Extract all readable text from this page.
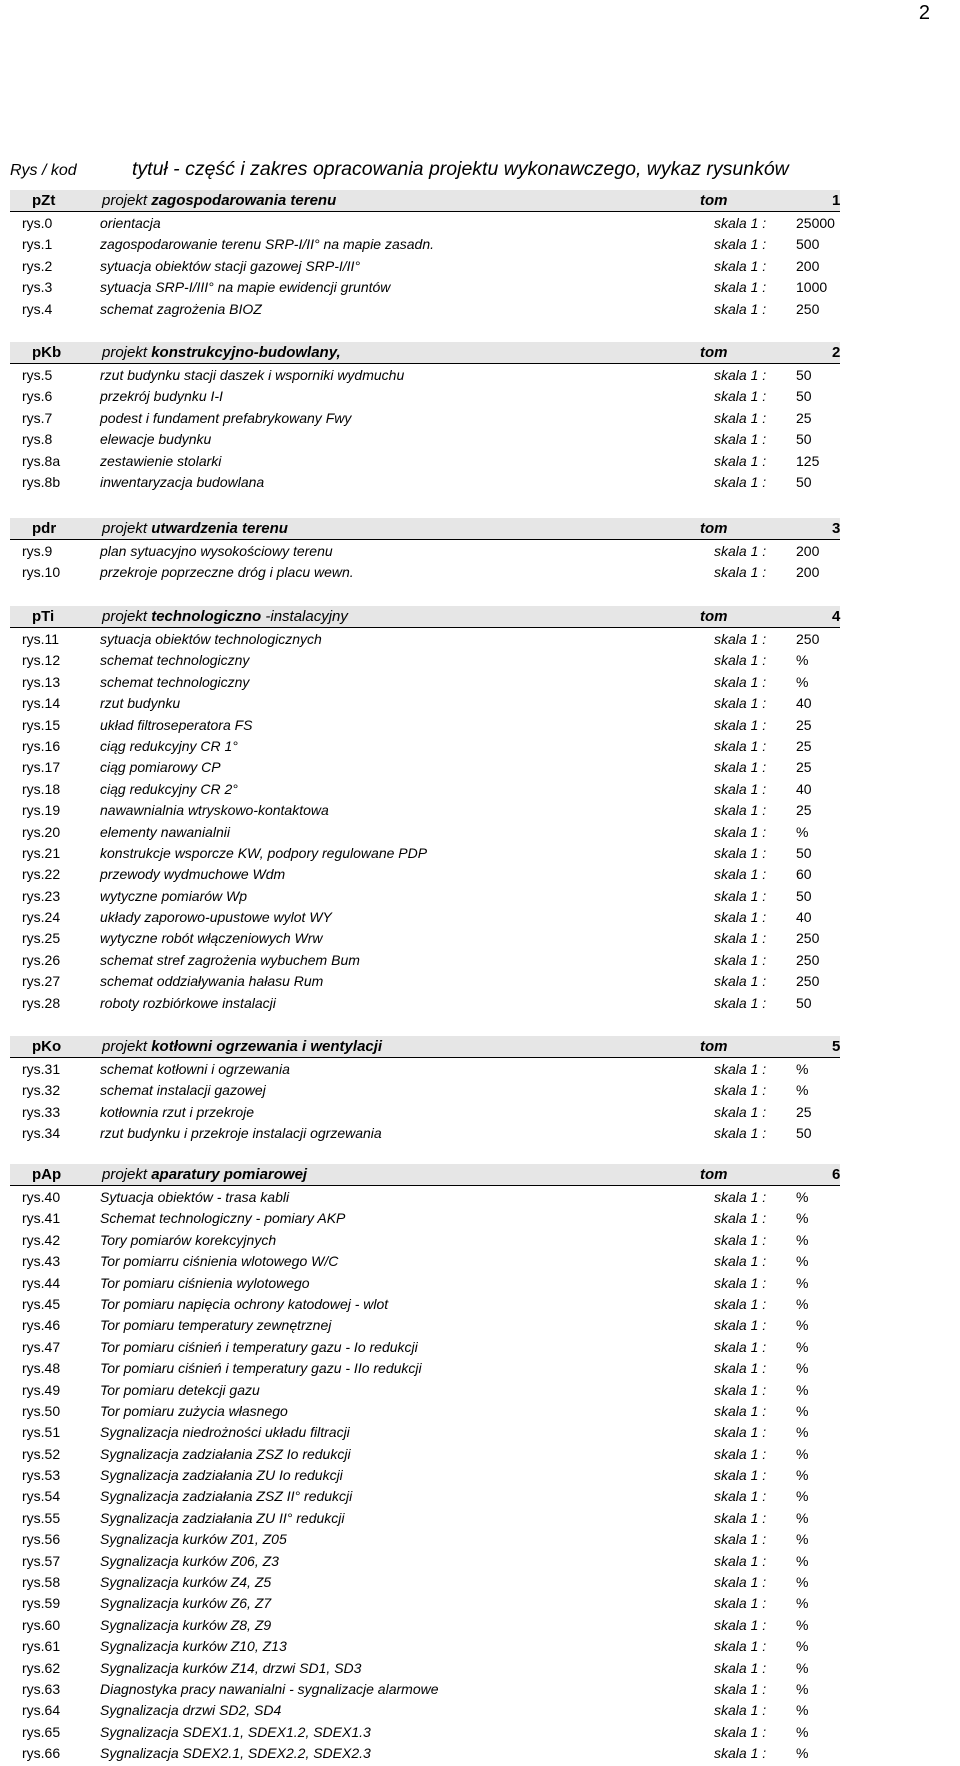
2
Rys / kod	tytuł - część i zakres opracowania projektu wykonawczego, wykaz rysunków
pZt	projekt zagospodarowania terenu	tom	1
rys.0	orientacja	skala 1 : 25000
rys.1	zagospodarowanie terenu SRP-I/II° na mapie zasadn.	skala 1 : 500
rys.2	sytuacja obiektów stacji gazowej SRP-I/II°	skala 1 : 200
rys.3	sytuacja SRP-I/III° na mapie ewidencji gruntów	skala 1 : 1000
rys.4	schemat zagrożenia BIOZ	skala 1 : 250
pKb	projekt konstrukcyjno-budowlany,	tom	2
rys.5	rzut budynku stacji daszek i wsporniki wydmuchu	skala 1 : 50
rys.6	przekrój budynku I-I	skala 1 : 50
rys.7	podest i fundament prefabrykowany Fwy	skala 1 : 25
rys.8	elewacje budynku	skala 1 : 50
rys.8a	zestawienie stolarki	skala 1 : 125
rys.8b	inwentaryzacja budowlana	skala 1 : 50
pdr	projekt utwardzenia terenu	tom	3
rys.9	plan sytuacyjno wysokościowy terenu	skala 1 : 200
rys.10	przekroje poprzeczne dróg i placu wewn.	skala 1 : 200
pTi	projekt technologiczno -instalacyjny	tom	4
rys.11	sytuacja obiektów technologicznych	skala 1 : 250
rys.12	schemat technologiczny	skala 1 : %
rys.13	schemat technologiczny	skala 1 : %
rys.14	rzut budynku	skala 1 : 40
rys.15	układ filtroseperatora FS	skala 1 : 25
rys.16	ciąg redukcyjny CR 1°	skala 1 : 25
rys.17	ciąg pomiarowy CP	skala 1 : 25
rys.18	ciąg redukcyjny CR 2°	skala 1 : 40
rys.19	nawawnialnia wtryskowo-kontaktowa	skala 1 : 25
rys.20	elementy nawanialnii	skala 1 : %
rys.21	konstrukcje wsporcze KW, podpory regulowane PDP	skala 1 : 50
rys.22	przewody wydmuchowe Wdm	skala 1 : 60
rys.23	wytyczne pomiarów Wp	skala 1 : 50
rys.24	układy zaporowo-upustowe wylot WY	skala 1 : 40
rys.25	wytyczne robót włączeniowych Wrw	skala 1 : 250
rys.26	schemat stref zagrożenia wybuchem Bum	skala 1 : 250
rys.27	schemat oddziaływania hałasu Rum	skala 1 : 250
rys.28	roboty rozbiórkowe instalacji	skala 1 : 50
pKo	projekt kotłowni ogrzewania i wentylacji	tom	5
rys.31	schemat kotłowni i ogrzewania	skala 1 : %
rys.32	schemat instalacji gazowej	skala 1 : %
rys.33	kotłownia rzut i przekroje	skala 1 : 25
rys.34	rzut budynku i przekroje instalacji ogrzewania	skala 1 : 50
pAp	projekt aparatury pomiarowej	tom	6
rys.40	Sytuacja obiektów - trasa kabli	skala 1 : %
rys.41	Schemat technologiczny - pomiary AKP	skala 1 : %
rys.42	Tory pomiarów korekcyjnych	skala 1 : %
rys.43	Tor pomiarru ciśnienia wlotowego W/C	skala 1 : %
rys.44	Tor pomiaru ciśnienia wylotowego	skala 1 : %
rys.45	Tor pomiaru napięcia ochrony katodowej - wlot	skala 1 : %
rys.46	Tor pomiaru temperatury zewnętrznej	skala 1 : %
rys.47	Tor pomiaru ciśnień i temperatury gazu - Io redukcji	skala 1 : %
rys.48	Tor pomiaru ciśnień i temperatury gazu - IIo redukcji	skala 1 : %
rys.49	Tor pomiaru detekcji gazu	skala 1 : %
rys.50	Tor pomiaru zużycia własnego	skala 1 : %
rys.51	Sygnalizacja niedrożności układu filtracji	skala 1 : %
rys.52	Sygnalizacja zadziałania ZSZ Io redukcji	skala 1 : %
rys.53	Sygnalizacja zadziałania ZU Io redukcji	skala 1 : %
rys.54	Sygnalizacja zadziałania ZSZ II° redukcji	skala 1 : %
rys.55	Sygnalizacja zadziałania ZU II° redukcji	skala 1 : %
rys.56	Sygnalizacja kurków Z01, Z05	skala 1 : %
rys.57	Sygnalizacja kurków Z06, Z3	skala 1 : %
rys.58	Sygnalizacja kurków Z4, Z5	skala 1 : %
rys.59	Sygnalizacja kurków Z6, Z7	skala 1 : %
rys.60	Sygnalizacja kurków Z8, Z9	skala 1 : %
rys.61	Sygnalizacja kurków Z10, Z13	skala 1 : %
rys.62	Sygnalizacja kurków Z14, drzwi SD1, SD3	skala 1 : %
rys.63	Diagnostyka pracy nawanialni - sygnalizacje alarmowe	skala 1 : %
rys.64	Sygnalizacja drzwi SD2, SD4	skala 1 : %
rys.65	Sygnalizacja SDEX1.1, SDEX1.2, SDEX1.3	skala 1 : %
rys.66	Sygnalizacja SDEX2.1, SDEX2.2, SDEX2.3	skala 1 : %
